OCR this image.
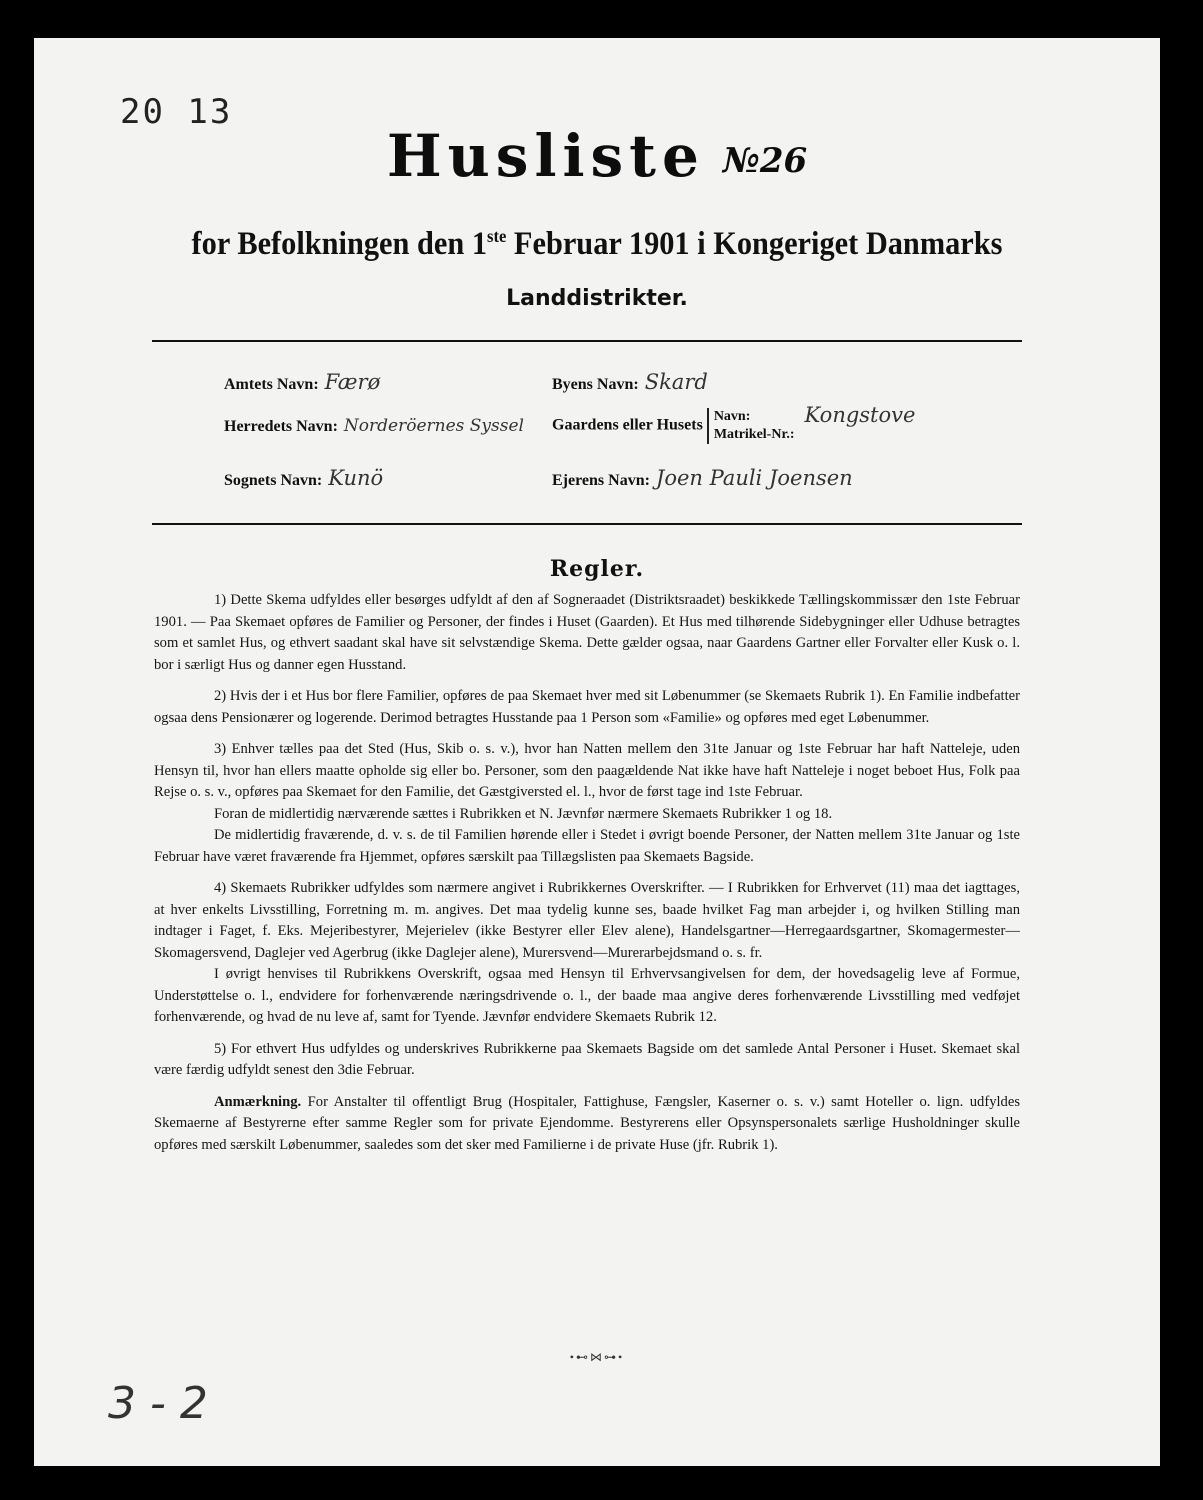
20 13
Husliste №26
for Befolkningen den 1ste Februar 1901 i Kongeriget Danmarks
Landdistrikter.
Amtets Navn: Færø	Byens Navn: Skard
Herredets Navn: Norderöernes Syssel Gaardens eller Husets Navn:
Matrikel-Nr.: Kongstove
Sognets Navn: Kunö	Ejerens Navn: Joen Pauli Joensen
Regler.

1) Dette Skema udfyldes eller besørges udfyldt af den af Sogneraadet (Distriktsraadet) beskikkede Tællingskommissær den 1ste Februar 1901. — Paa Skemaet opføres de Familier og Personer, der findes i Huset (Gaarden). Et Hus med tilhørende Sidebygninger eller Udhuse betragtes som et samlet Hus, og ethvert saadant skal have sit selvstændige Skema. Dette gælder ogsaa, naar Gaardens Gartner eller Forvalter eller Kusk o. l. bor i særligt Hus og danner egen Husstand.

2) Hvis der i et Hus bor flere Familier, opføres de paa Skemaet hver med sit Løbenummer (se Skemaets Rubrik 1). En Familie indbefatter ogsaa dens Pensionærer og logerende. Derimod betragtes Husstande paa 1 Person som «Familie» og opføres med eget Løbenummer.

3) Enhver tælles paa det Sted (Hus, Skib o. s. v.), hvor han Natten mellem den 31te Januar og 1ste Februar har haft Natteleje, uden Hensyn til, hvor han ellers maatte opholde sig eller bo. Personer, som den paagældende Nat ikke have haft Natteleje i noget beboet Hus, Folk paa Rejse o. s. v., opføres paa Skemaet for den Familie, det Gæstgiversted el. l., hvor de først tage ind 1ste Februar.

Foran de midlertidig nærværende sættes i Rubrikken et N. Jævnfør nærmere Skemaets Rubrikker 1 og 18.

De midlertidig fraværende, d. v. s. de til Familien hørende eller i Stedet i øvrigt boende Personer, der Natten mellem 31te Januar og 1ste Februar have været fraværende fra Hjemmet, opføres særskilt paa Tillægslisten paa Skemaets Bagside.

4) Skemaets Rubrikker udfyldes som nærmere angivet i Rubrikkernes Overskrifter. — I Rubrikken for Erhvervet (11) maa det iagttages, at hver enkelts Livsstilling, Forretning m. m. angives. Det maa tydelig kunne ses, baade hvilket Fag man arbejder i, og hvilken Stilling man indtager i Faget, f. Eks. Mejeribestyrer, Mejerielev (ikke Bestyrer eller Elev alene), Handelsgartner—Herregaardsgartner, Skomagermester—Skomagersvend, Daglejer ved Agerbrug (ikke Daglejer alene), Murersvend—Murerarbejdsmand o. s. fr.

I øvrigt henvises til Rubrikkens Overskrift, ogsaa med Hensyn til Erhvervsangivelsen for dem, der hovedsagelig leve af Formue, Understøttelse o. l., endvidere for forhenværende næringsdrivende o. l., der baade maa angive deres forhenværende Livsstilling med vedføjet forhenværende, og hvad de nu leve af, samt for Tyende. Jævnfør endvidere Skemaets Rubrik 12.

5) For ethvert Hus udfyldes og underskrives Rubrikkerne paa Skemaets Bagside om det samlede Antal Personer i Huset. Skemaet skal være færdig udfyldt senest den 3die Februar.

Anmærkning. For Anstalter til offentligt Brug (Hospitaler, Fattighuse, Fængsler, Kaserner o. s. v.) samt Hoteller o. lign. udfyldes Skemaerne af Bestyrerne efter samme Regler som for private Ejendomme. Bestyrerens eller Opsynspersonalets særlige Husholdninger skulle opføres med særskilt Løbenummer, saaledes som det sker med Familierne i de private Huse (jfr. Rubrik 1).

•⊷⋈⊶•
3 - 2
